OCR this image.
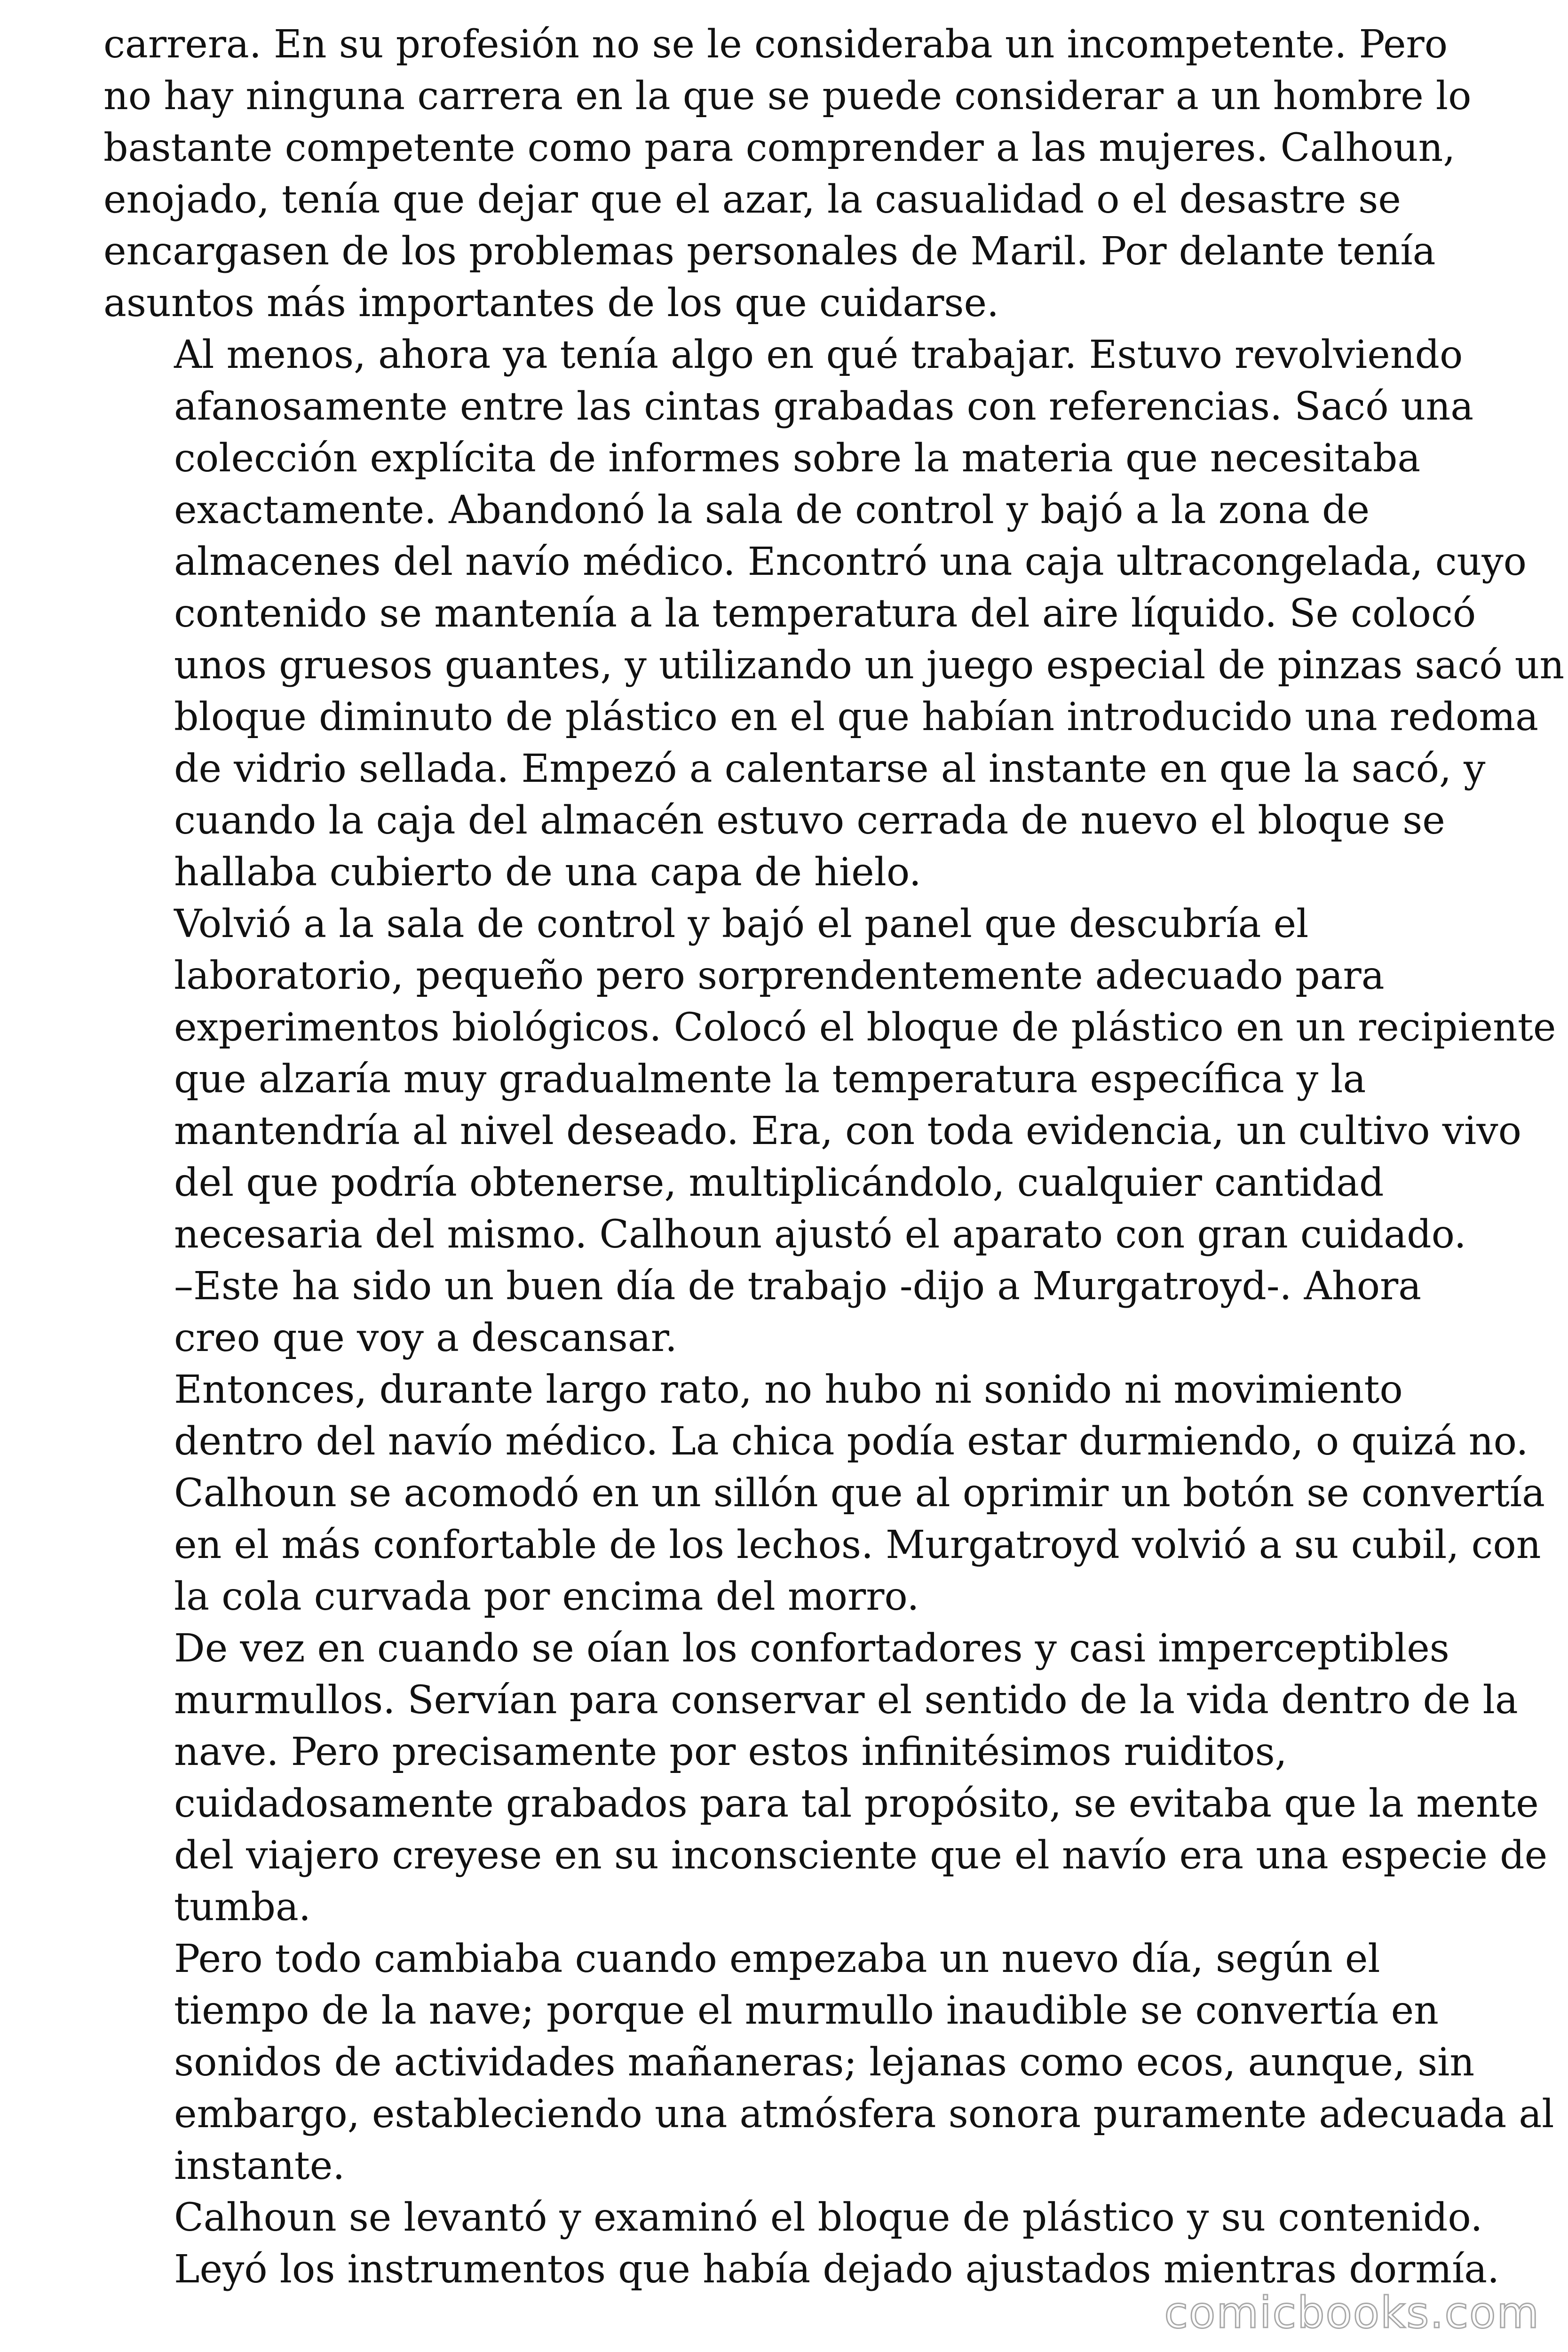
carrera. En su profesión no se le consideraba un incompetente. Pero
no hay ninguna carrera en la que se puede considerar a un hombre lo
bastante competente como para comprender a las mujeres. Calhoun,
enojado, tenía que dejar que el azar, la casualidad o el desastre se
encargasen de los problemas personales de Maril. Por delante tenía
asuntos más importantes de los que cuidarse.

Al menos, ahora ya tenía algo en qué trabajar. Estuvo revolviendo
afanosamente entre las cintas grabadas con referencias. Sacó una
colección explícita de informes sobre la materia que necesitaba
exactamente. Abandonó la sala de control y bajó a la zona de
almacenes del navío médico. Encontró una caja ultracongelada, cuyo
contenido se mantenía a la temperatura del aire líquido. Se colocó
unos gruesos guantes, y utilizando un juego especial de pinzas sacó un
bloque diminuto de plástico en el que habían introducido una redoma
de vidrio sellada. Empezó a calentarse al instante en que la sacó, y
cuando la caja del almacén estuvo cerrada de nuevo el bloque se
hallaba cubierto de una capa de hielo.

Volvió a la sala de control y bajó el panel que descubría el
laboratorio, pequeño pero sorprendentemente adecuado para
experimentos biológicos. Colocó el bloque de plástico en un recipiente
que alzaría muy gradualmente la temperatura específica y la
mantendría al nivel deseado. Era, con toda evidencia, un cultivo vivo
del que podría obtenerse, multiplicándolo, cualquier cantidad
necesaria del mismo. Calhoun ajustó el aparato con gran cuidado.

–Este ha sido un buen día de trabajo -dijo a Murgatroyd-. Ahora
creo que voy a descansar.

Entonces, durante largo rato, no hubo ni sonido ni movimiento
dentro del navío médico. La chica podía estar durmiendo, o quizá no.
Calhoun se acomodó en un sillón que al oprimir un botón se convertía
en el más confortable de los lechos. Murgatroyd volvió a su cubil, con
la cola curvada por encima del morro.

De vez en cuando se oían los confortadores y casi imperceptibles
murmullos. Servían para conservar el sentido de la vida dentro de la
nave. Pero precisamente por estos infinitésimos ruiditos,
cuidadosamente grabados para tal propósito, se evitaba que la mente
del viajero creyese en su inconsciente que el navío era una especie de
tumba.

Pero todo cambiaba cuando empezaba un nuevo día, según el
tiempo de la nave; porque el murmullo inaudible se convertía en
sonidos de actividades mañaneras; lejanas como ecos, aunque, sin
embargo, estableciendo una atmósfera sonora puramente adecuada al
instante.

Calhoun se levantó y examinó el bloque de plástico y su contenido.
Leyó los instrumentos que había dejado ajustados mientras dormía.

comicbooks.com
